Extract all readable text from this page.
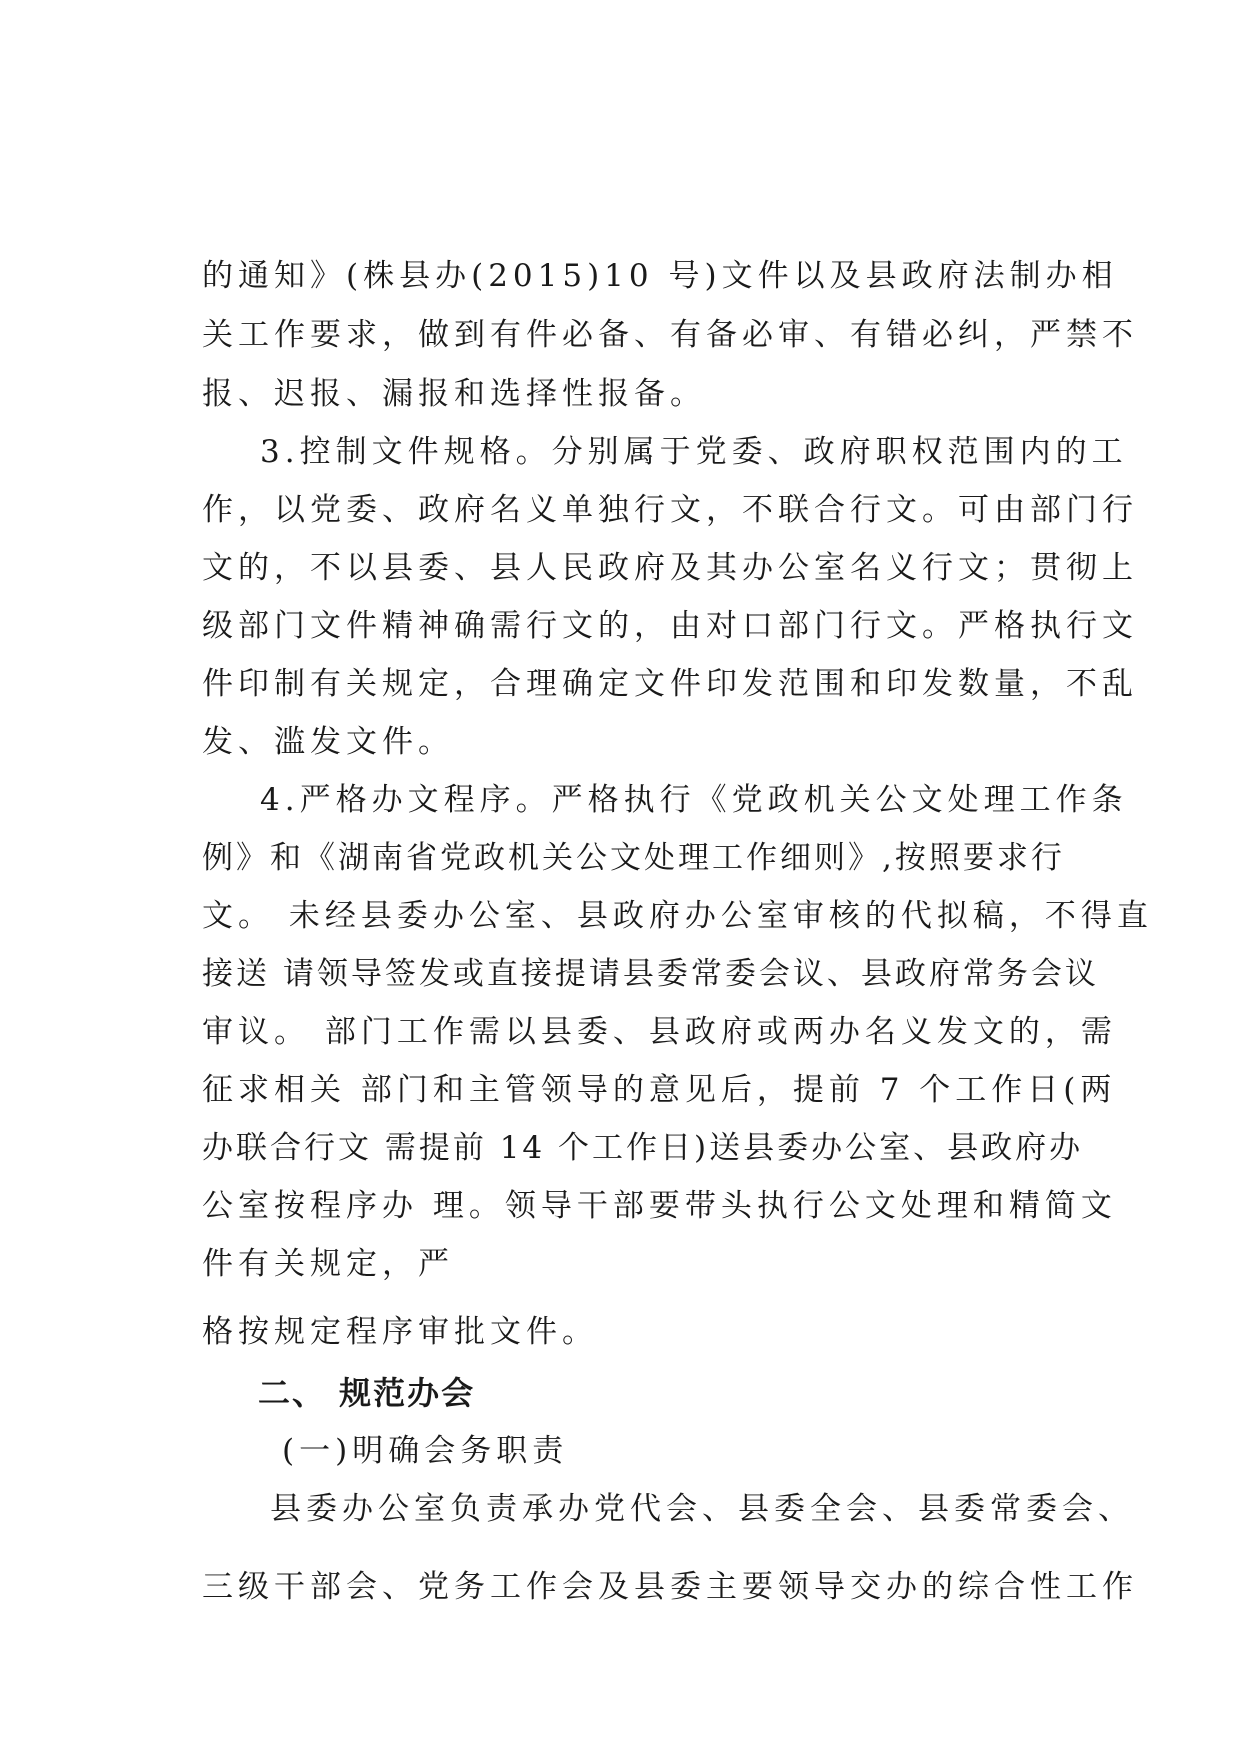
的通知》(株县办(2015)10 号)文件以及县政府法制办相
关工作要求，做到有件必备、有备必审、有错必纠，严禁不
报、迟报、漏报和选择性报备。
3.控制文件规格。分别属于党委、政府职权范围内的工
作，以党委、政府名义单独行文，不联合行文。可由部门行
文的，不以县委、县人民政府及其办公室名义行文；贯彻上
级部门文件精神确需行文的，由对口部门行文。严格执行文
件印制有关规定，合理确定文件印发范围和印发数量，不乱
发、滥发文件。
4.严格办文程序。严格执行《党政机关公文处理工作条
例》和《湖南省党政机关公文处理工作细则》,按照要求行
文。 未经县委办公室、县政府办公室审核的代拟稿，不得直
接送 请领导签发或直接提请县委常委会议、县政府常务会议
审议。 部门工作需以县委、县政府或两办名义发文的，需
征求相关 部门和主管领导的意见后，提前 7 个工作日(两
办联合行文 需提前 14 个工作日)送县委办公室、县政府办
公室按程序办 理。领导干部要带头执行公文处理和精简文
件有关规定，严
格按规定程序审批文件。
二、 规范办会
(一)明确会务职责
县委办公室负责承办党代会、县委全会、县委常委会、
三级干部会、党务工作会及县委主要领导交办的综合性工作
